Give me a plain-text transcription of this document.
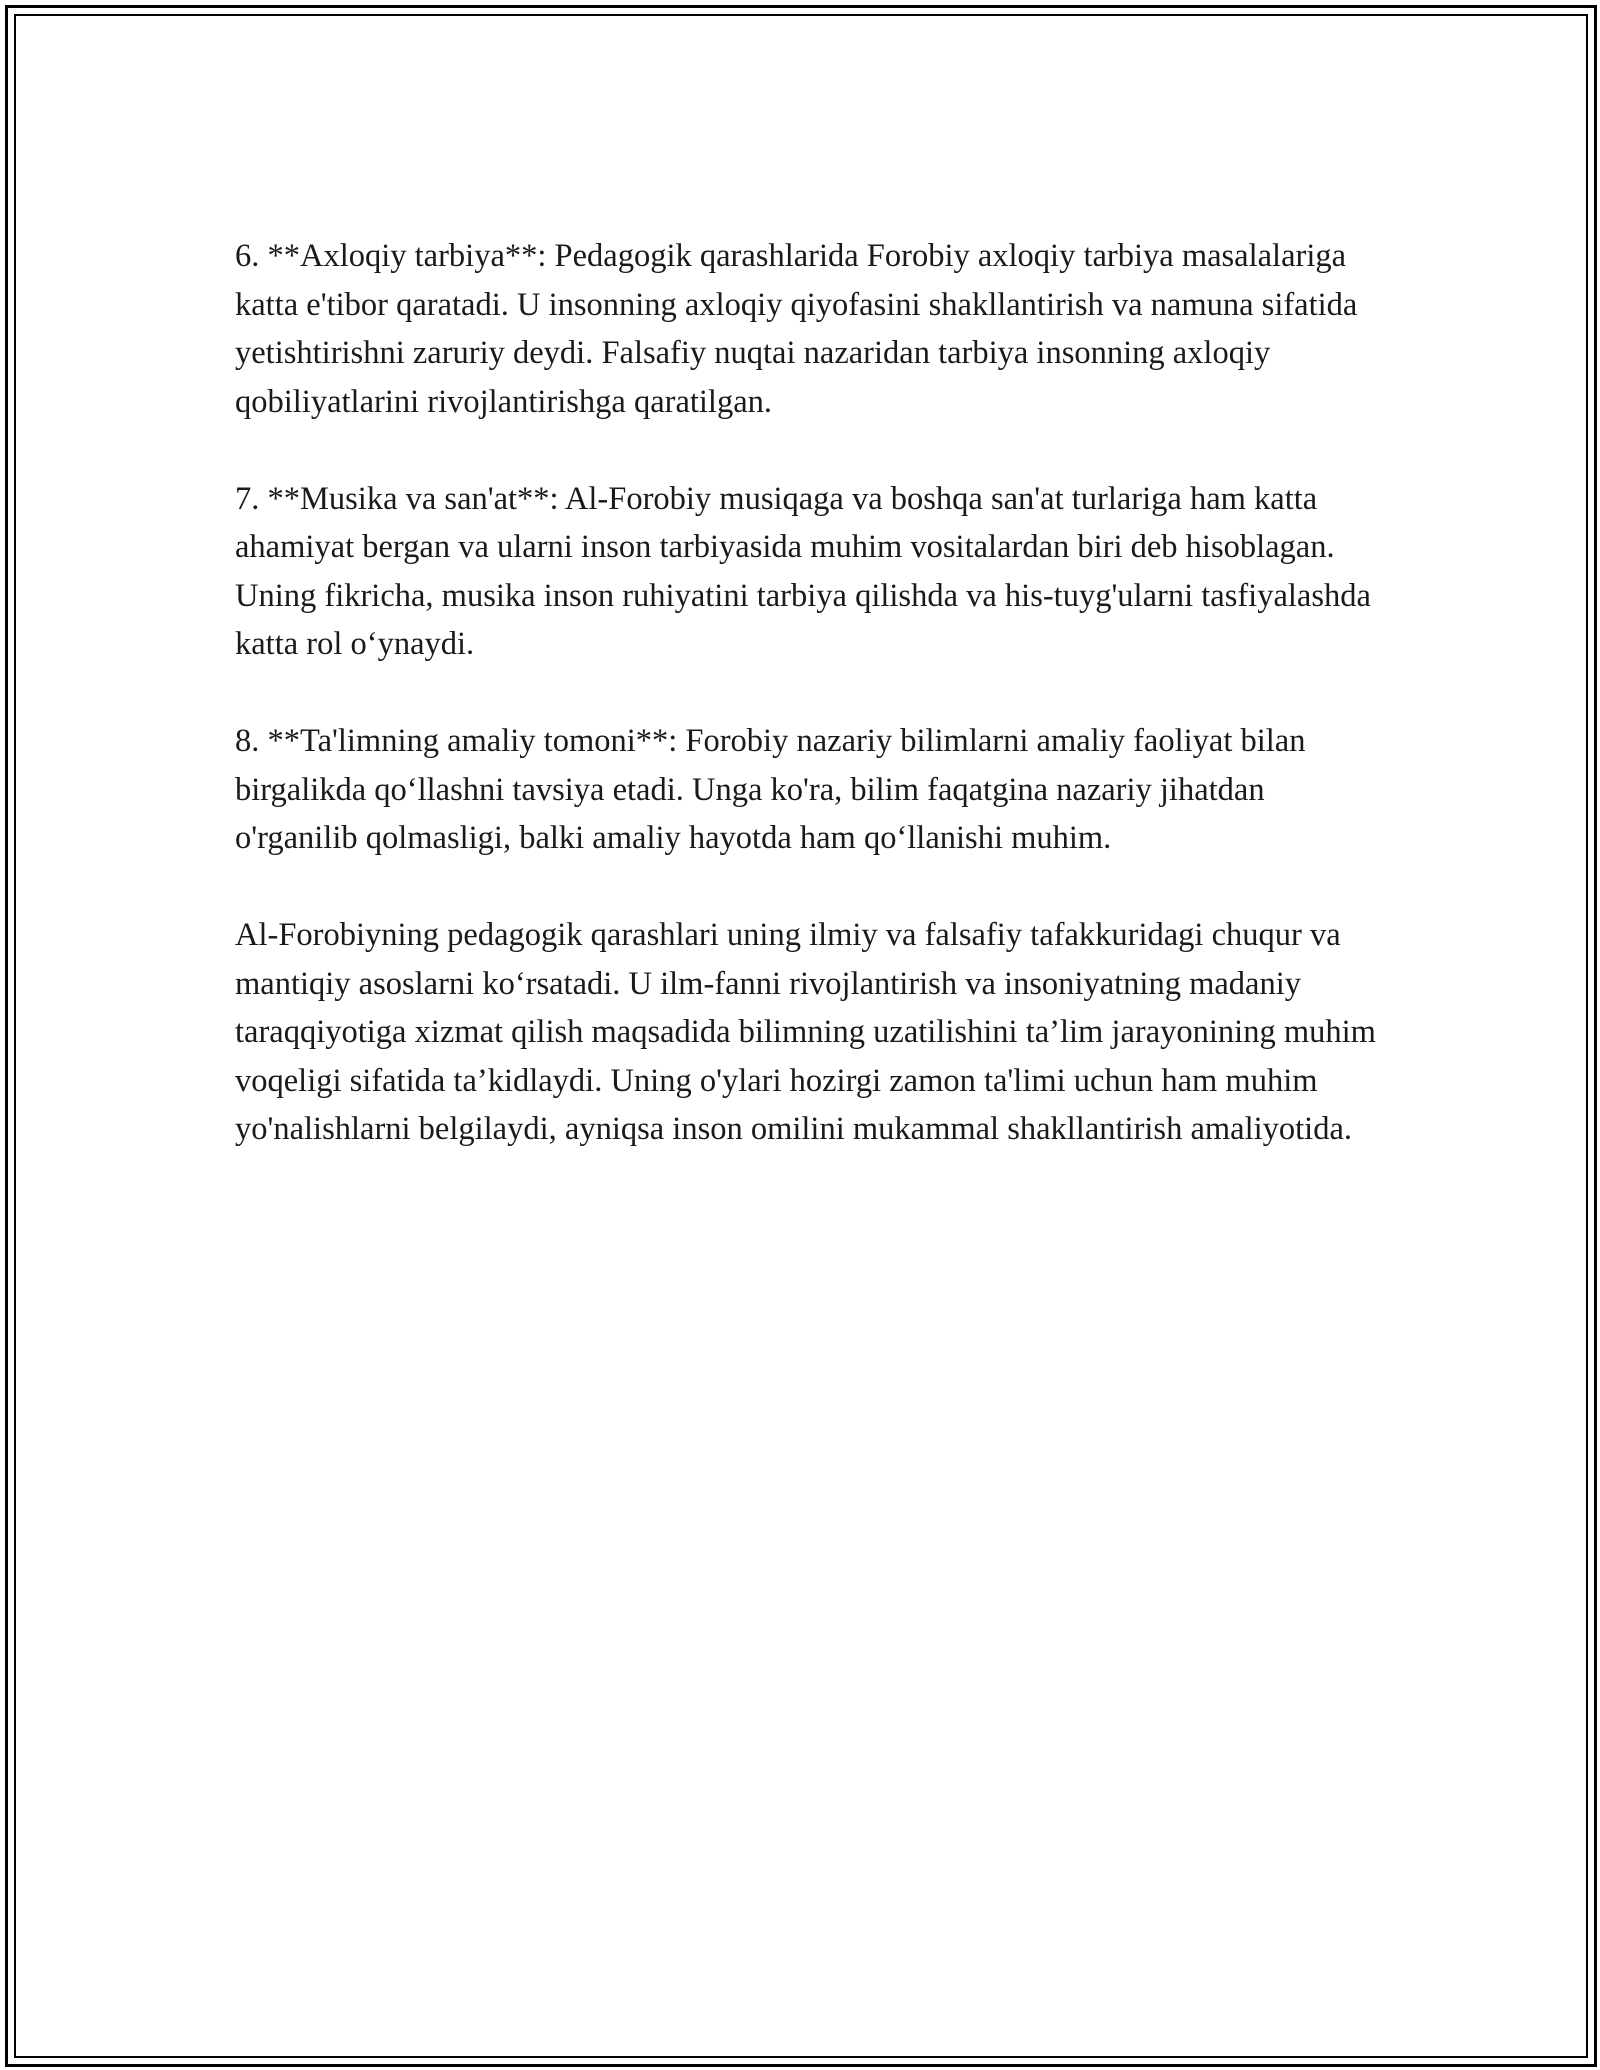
6. **Axloqiy tarbiya**: Pedagogik qarashlarida Forobiy axloqiy tarbiya masalalariga katta e'tibor qaratadi. U insonning axloqiy qiyofasini shakllantirish va namuna sifatida yetishtirishni zaruriy deydi. Falsafiy nuqtai nazaridan tarbiya insonning axloqiy qobiliyatlarini rivojlantirishga qaratilgan.

7. **Musika va san'at**: Al-Forobiy musiqaga va boshqa san'at turlariga ham katta ahamiyat bergan va ularni inson tarbiyasida muhim vositalardan biri deb hisoblagan. Uning fikricha, musika inson ruhiyatini tarbiya qilishda va his-tuyg'ularni tasfiyalashda katta rol o‘ynaydi.

8. **Ta'limning amaliy tomoni**: Forobiy nazariy bilimlarni amaliy faoliyat bilan birgalikda qo‘llashni tavsiya etadi. Unga ko'ra, bilim faqatgina nazariy jihatdan o'rganilib qolmasligi, balki amaliy hayotda ham qo‘llanishi muhim.

Al-Forobiyning pedagogik qarashlari uning ilmiy va falsafiy tafakkuridagi chuqur va mantiqiy asoslarni ko‘rsatadi. U ilm-fanni rivojlantirish va insoniyatning madaniy taraqqiyotiga xizmat qilish maqsadida bilimning uzatilishini ta’lim jarayonining muhim voqeligi sifatida ta’kidlaydi. Uning o'ylari hozirgi zamon ta'limi uchun ham muhim yo'nalishlarni belgilaydi, ayniqsa inson omilini mukammal shakllantirish amaliyotida.
